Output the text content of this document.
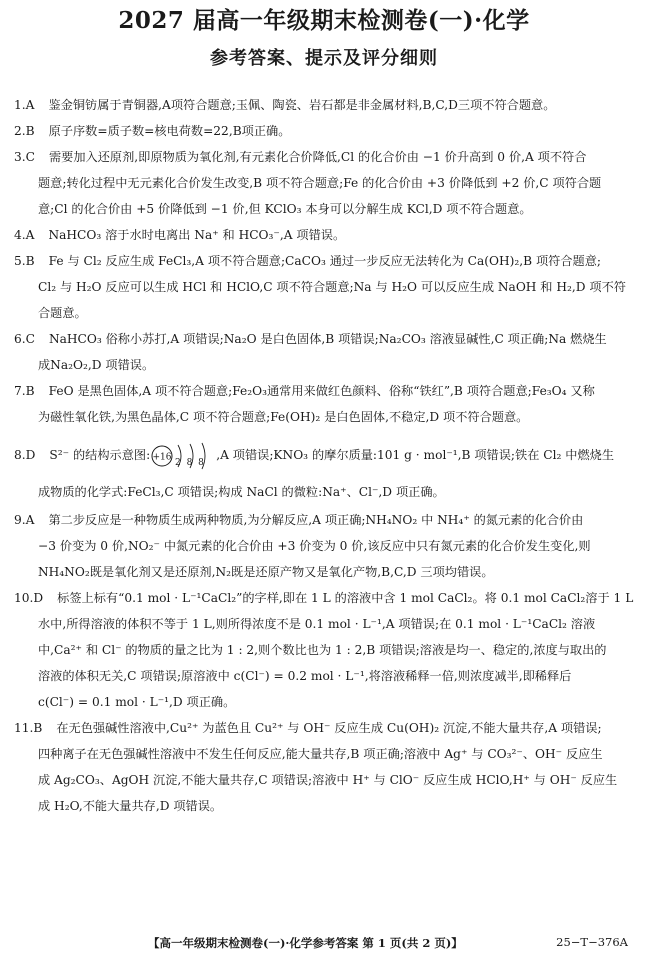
2027 届高一年级期末检测卷(一)·化学
参考答案、提示及评分细则
1.A 鉴金铜钫属于青铜器,A项符合题意;玉佩、陶瓷、岩石都是非金属材料,B,C,D三项不符合题意。
2.B 原子序数=质子数=核电荷数=22,B项正确。
3.C 需要加入还原剂,即原物质为氧化剂,有元素化合价降低,Cl 的化合价由 −1 价升高到 0 价,A 项不符合
题意;转化过程中无元素化合价发生改变,B 项不符合题意;Fe 的化合价由 +3 价降低到 +2 价,C 项符合题
意;Cl 的化合价由 +5 价降低到 −1 价,但 KClO₃ 本身可以分解生成 KCl,D 项不符合题意。
4.A NaHCO₃ 溶于水时电离出 Na⁺ 和 HCO₃⁻,A 项错误。
5.B Fe 与 Cl₂ 反应生成 FeCl₃,A 项不符合题意;CaCO₃ 通过一步反应无法转化为 Ca(OH)₂,B 项符合题意;
Cl₂ 与 H₂O 反应可以生成 HCl 和 HClO,C 项不符合题意;Na 与 H₂O 可以反应生成 NaOH 和 H₂,D 项不符
合题意。
6.C NaHCO₃ 俗称小苏打,A 项错误;Na₂O 是白色固体,B 项错误;Na₂CO₃ 溶液显碱性,C 项正确;Na 燃烧生
成Na₂O₂,D 项错误。
7.B FeO 是黑色固体,A 项不符合题意;Fe₂O₃通常用来做红色颜料、俗称“铁红”,B 项符合题意;Fe₃O₄ 又称
为磁性氧化铁,为黑色晶体,C 项不符合题意;Fe(OH)₂ 是白色固体,不稳定,D 项不符合题意。
8.D S²⁻ 的结构示意图: +16
2 8 8
,A 项错误;KNO₃ 的摩尔质量:101 g · mol⁻¹,B 项错误;铁在 Cl₂ 中燃烧生
成物质的化学式:FeCl₃,C 项错误;构成 NaCl 的微粒:Na⁺、Cl⁻,D 项正确。
9.A 第二步反应是一种物质生成两种物质,为分解反应,A 项正确;NH₄NO₂ 中 NH₄⁺ 的氮元素的化合价由
−3 价变为 0 价,NO₂⁻ 中氮元素的化合价由 +3 价变为 0 价,该反应中只有氮元素的化合价发生变化,则
NH₄NO₂既是氧化剂又是还原剂,N₂既是还原产物又是氧化产物,B,C,D 三项均错误。
10.D 标签上标有“0.1 mol · L⁻¹CaCl₂”的字样,即在 1 L 的溶液中含 1 mol CaCl₂。将 0.1 mol CaCl₂溶于 1 L
水中,所得溶液的体积不等于 1 L,则所得浓度不是 0.1 mol · L⁻¹,A 项错误;在 0.1 mol · L⁻¹CaCl₂ 溶液
中,Ca²⁺ 和 Cl⁻ 的物质的量之比为 1 : 2,则个数比也为 1 : 2,B 项错误;溶液是均一、稳定的,浓度与取出的
溶液的体积无关,C 项错误;原溶液中 c(Cl⁻) = 0.2 mol · L⁻¹,将溶液稀释一倍,则浓度减半,即稀释后
c(Cl⁻) = 0.1 mol · L⁻¹,D 项正确。
11.B 在无色强碱性溶液中,Cu²⁺ 为蓝色且 Cu²⁺ 与 OH⁻ 反应生成 Cu(OH)₂ 沉淀,不能大量共存,A 项错误;
四种离子在无色强碱性溶液中不发生任何反应,能大量共存,B 项正确;溶液中 Ag⁺ 与 CO₃²⁻、OH⁻ 反应生
成 Ag₂CO₃、AgOH 沉淀,不能大量共存,C 项错误;溶液中 H⁺ 与 ClO⁻ 反应生成 HClO,H⁺ 与 OH⁻ 反应生
成 H₂O,不能大量共存,D 项错误。
【高一年级期末检测卷(一)·化学参考答案 第 1 页(共 2 页)】	25−T−376A
